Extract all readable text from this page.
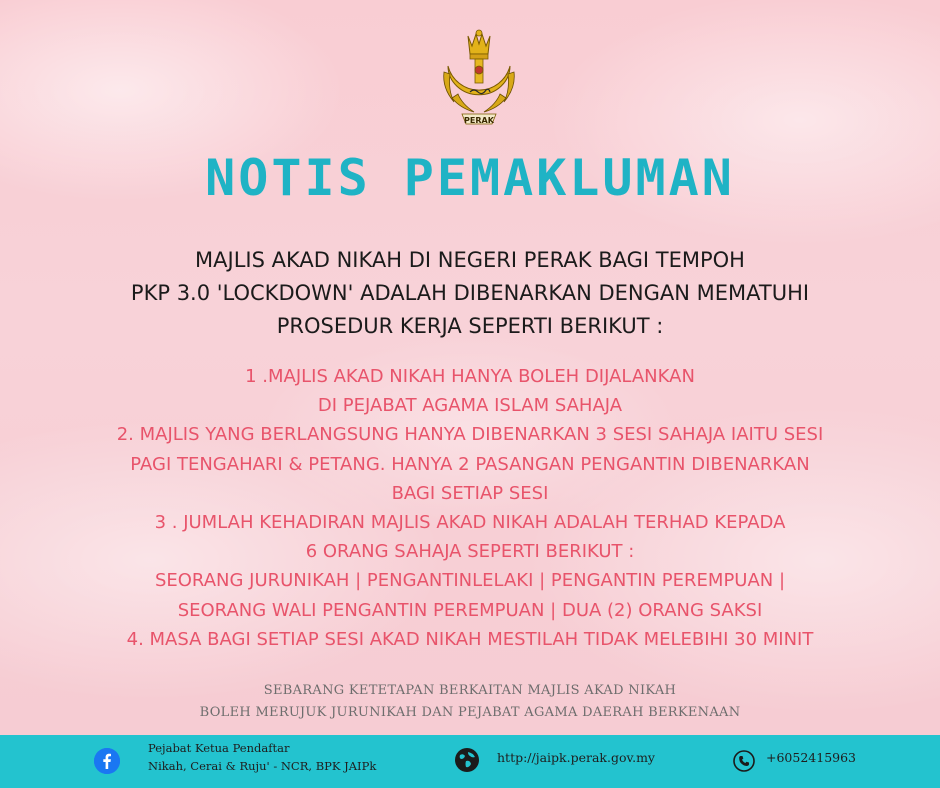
PERAK
NOTIS PEMAKLUMAN
MAJLIS AKAD NIKAH DI NEGERI PERAK BAGI TEMPOH
PKP 3.0 'LOCKDOWN' ADALAH DIBENARKAN DENGAN MEMATUHI
PROSEDUR KERJA SEPERTI BERIKUT :
1 .MAJLIS AKAD NIKAH HANYA BOLEH DIJALANKAN
DI PEJABAT AGAMA ISLAM SAHAJA
2. MAJLIS YANG BERLANGSUNG HANYA DIBENARKAN 3 SESI SAHAJA IAITU SESI
PAGI TENGAHARI & PETANG. HANYA 2 PASANGAN PENGANTIN DIBENARKAN
BAGI SETIAP SESI
3 . JUMLAH KEHADIRAN MAJLIS AKAD NIKAH ADALAH TERHAD KEPADA
6 ORANG SAHAJA SEPERTI BERIKUT :
SEORANG JURUNIKAH | PENGANTINLELAKI | PENGANTIN PEREMPUAN |
SEORANG WALI PENGANTIN PEREMPUAN | DUA (2) ORANG SAKSI
4. MASA BAGI SETIAP SESI AKAD NIKAH MESTILAH TIDAK MELEBIHI 30 MINIT
SEBARANG KETETAPAN BERKAITAN MAJLIS AKAD NIKAH
BOLEH MERUJUK JURUNIKAH DAN PEJABAT AGAMA DAERAH BERKENAAN
Pejabat Ketua Pendaftar
Nikah, Cerai & Ruju' - NCR, BPK JAIPk
http://jaipk.perak.gov.my	+6052415963
